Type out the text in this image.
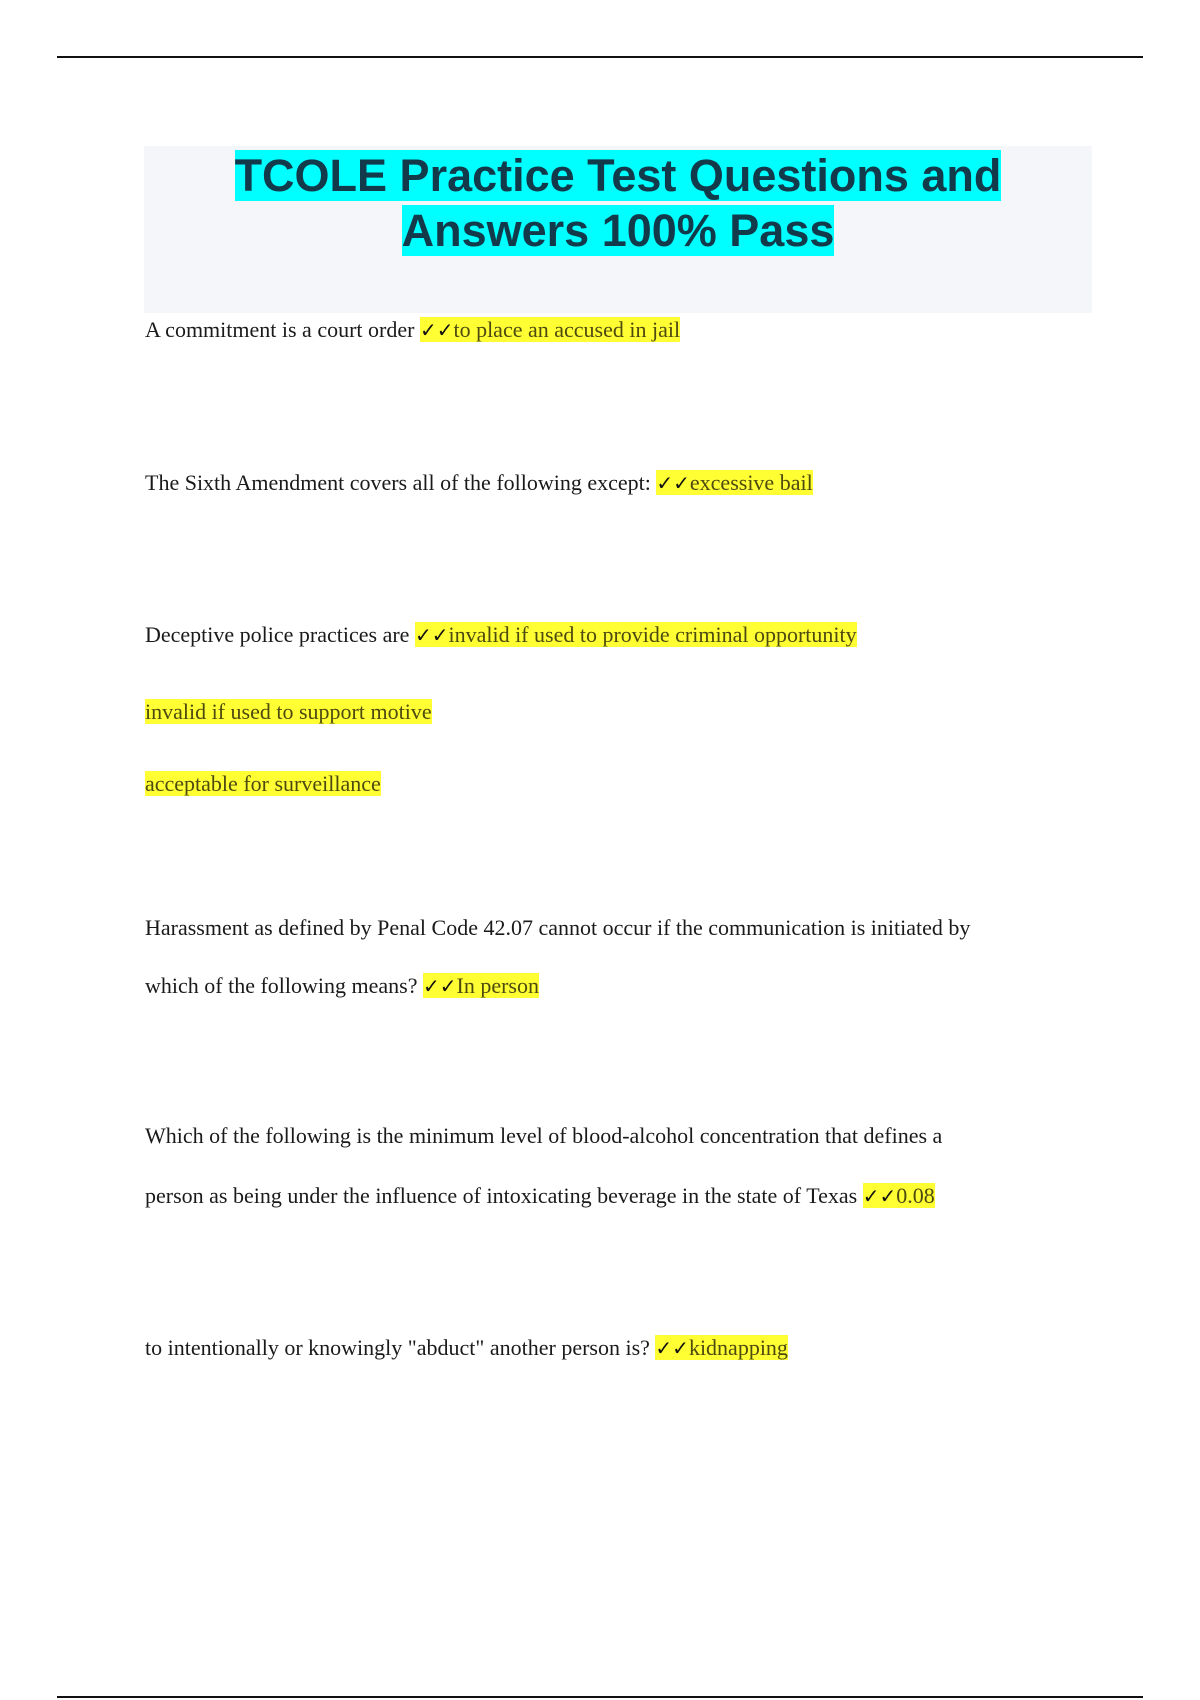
TCOLE Practice Test Questions and
Answers 100% Pass

A commitment is a court order ✓✓to place an accused in jail

The Sixth Amendment covers all of the following except: ✓✓excessive bail

Deceptive police practices are ✓✓invalid if used to provide criminal opportunity

invalid if used to support motive

acceptable for surveillance

Harassment as defined by Penal Code 42.07 cannot occur if the communication is initiated by

which of the following means? ✓✓In person

Which of the following is the minimum level of blood-alcohol concentration that defines a

person as being under the influence of intoxicating beverage in the state of Texas ✓✓0.08

to intentionally or knowingly "abduct" another person is? ✓✓kidnapping
